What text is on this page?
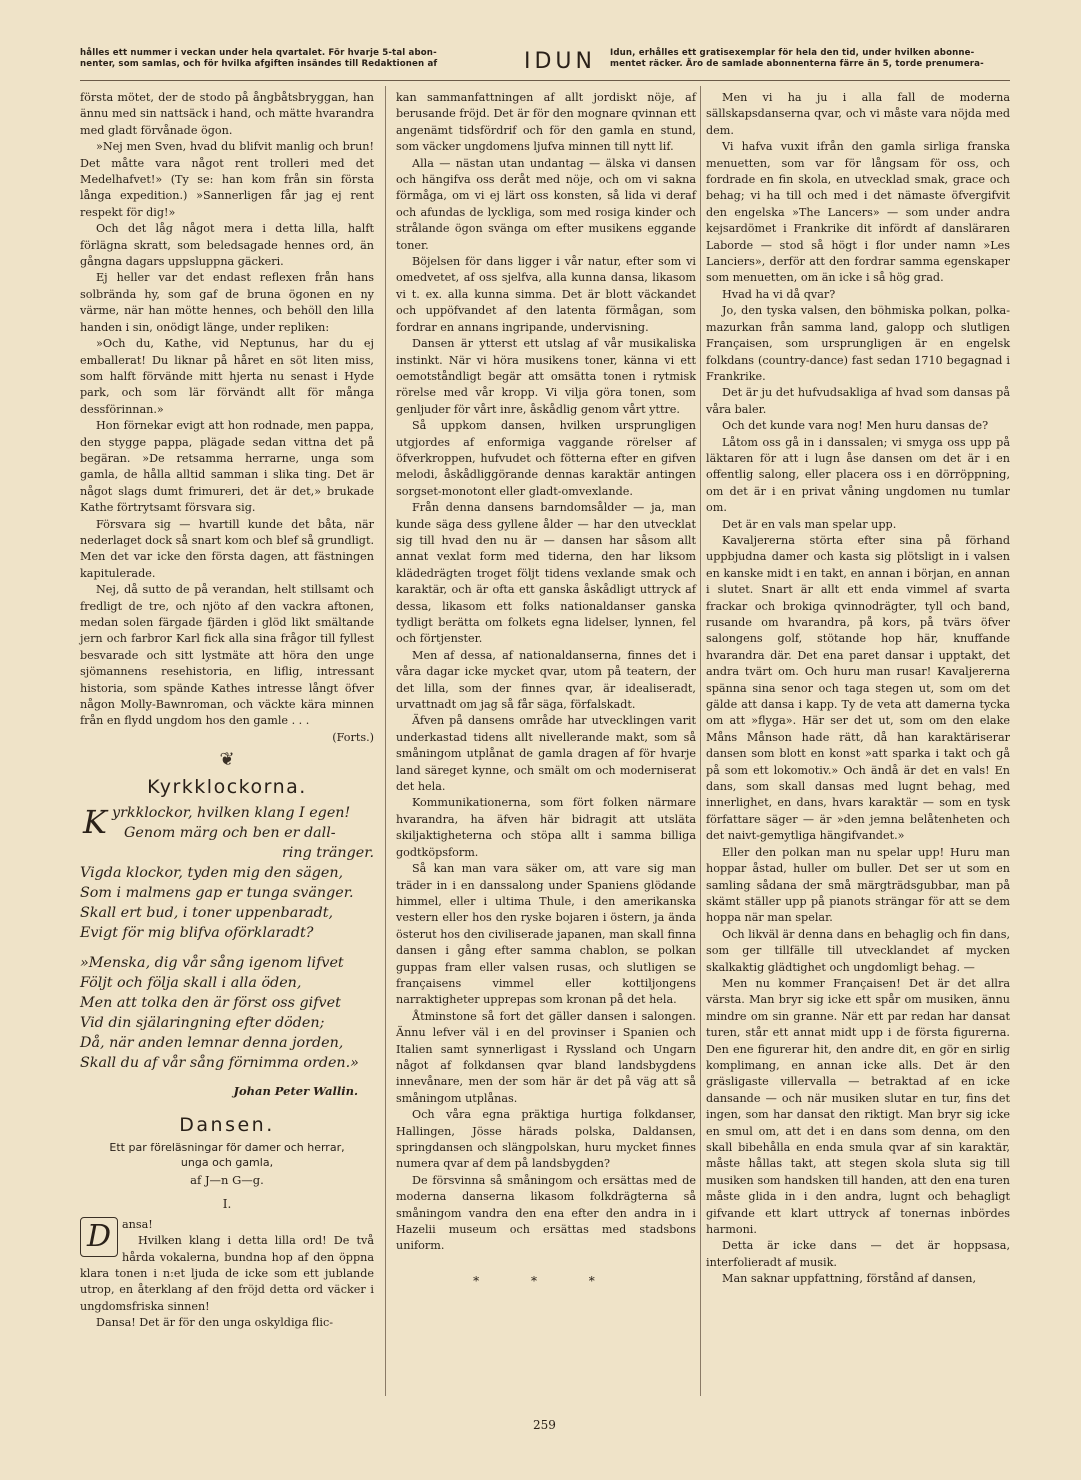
hålles ett nummer i veckan under hela qvartalet. För hvarje 5-tal abon-
nenter, som samlas, och för hvilka afgiften insändes till Redaktionen af	IDUN	Idun, erhålles ett gratisexemplar för hela den tid, under hvilken abonne-
mentet räcker. Äro de samlade abonnenterna färre än 5, torde prenumera-

första mötet, der de stodo på ångbåtsbryggan, han ännu med sin nattsäck i hand, och mätte hvarandra med gladt förvånade ögon.

»Nej men Sven, hvad du blifvit manlig och brun! Det måtte vara något rent trolleri med det Medelhafvet!» (Ty se: han kom från sin första långa expedition.) »Sannerligen får jag ej rent respekt för dig!»

Och det låg något mera i detta lilla, halft förlägna skratt, som beledsagade hennes ord, än gångna dagars uppsluppna gäckeri.

Ej heller var det endast reflexen från hans solbrända hy, som gaf de bruna ögonen en ny värme, när han mötte hennes, och behöll den lilla handen i sin, onödigt länge, under repliken:

»Och du, Kathe, vid Neptunus, har du ej emballerat! Du liknar på håret en söt liten miss, som halft förvände mitt hjerta nu senast i Hyde park, och som lär förvändt allt för många dessförinnan.»

Hon förnekar evigt att hon rodnade, men pappa, den stygge pappa, plägade sedan vittna det på begäran. »De retsamma herrarne, unga som gamla, de hålla alltid samman i slika ting. Det är något slags dumt frimureri, det är det,» brukade Kathe förtrytsamt försvara sig.

Försvara sig — hvartill kunde det båta, när nederlaget dock så snart kom och blef så grundligt. Men det var icke den första dagen, att fästningen kapitulerade.

Nej, då sutto de på verandan, helt stillsamt och fredligt de tre, och njöto af den vackra aftonen, medan solen färgade fjärden i glöd likt smältande jern och farbror Karl fick alla sina frågor till fyllest besvarade och sitt lystmäte att höra den unge sjömannens resehistoria, en liflig, intressant historia, som spände Kathes intresse långt öfver någon Molly-Bawnroman, och väckte kära minnen från en flydd ungdom hos den gamle . . .

(Forts.)

❦
Kyrkklockorna.
K yrkklockor, hvilken klang I egen!

Genom märg och ben er dall-

ring tränger.

Vigda klockor, tyden mig den sägen,

Som i malmens gap er tunga svänger.

Skall ert bud, i toner uppenbaradt,

Evigt för mig blifva oförklaradt?

»Menska, dig vår sång igenom lifvet

Följt och följa skall i alla öden,

Men att tolka den är först oss gifvet

Vid din själaringning efter döden;

Då, när anden lemnar denna jorden,

Skall du af vår sång förnimma orden.»

Johan Peter Wallin.
Dansen.
Ett par föreläsningar för damer och herrar,
unga och gamla,
af J—n G—g.
I.
D ansa!

Hvilken klang i detta lilla ord! De två hårda vokalerna, bundna hop af den öppna klara tonen i n:et ljuda de icke som ett jublande utrop, en återklang af den fröjd detta ord väcker i ungdomsfriska sinnen!

Dansa! Det är för den unga oskyldiga flic-

kan sammanfattningen af allt jordiskt nöje, af berusande fröjd. Det är för den mognare qvinnan ett angenämt tidsfördrif och för den gamla en stund, som väcker ungdomens ljufva minnen till nytt lif.

Alla — nästan utan undantag — älska vi dansen och hängifva oss deråt med nöje, och om vi sakna förmåga, om vi ej lärt oss konsten, så lida vi deraf och afundas de lyckliga, som med rosiga kinder och strålande ögon svänga om efter musikens eggande toner.

Böjelsen för dans ligger i vår natur, efter som vi omedvetet, af oss sjelfva, alla kunna dansa, likasom vi t. ex. alla kunna simma. Det är blott väckandet och uppöfvandet af den latenta förmågan, som fordrar en annans ingripande, undervisning.

Dansen är ytterst ett utslag af vår musikaliska instinkt. När vi höra musikens toner, känna vi ett oemotståndligt begär att omsätta tonen i rytmisk rörelse med vår kropp. Vi vilja göra tonen, som genljuder för vårt inre, åskådlig genom vårt yttre.

Så uppkom dansen, hvilken ursprungligen utgjordes af enformiga vaggande rörelser af öfverkroppen, hufvudet och fötterna efter en gifven melodi, åskådliggörande dennas karaktär antingen sorgset-monotont eller gladt-omvexlande.

Från denna dansens barndomsålder — ja, man kunde säga dess gyllene ålder — har den utvecklat sig till hvad den nu är — dansen har såsom allt annat vexlat form med tiderna, den har liksom klädedrägten troget följt tidens vexlande smak och karaktär, och är ofta ett ganska åskådligt uttryck af dessa, likasom ett folks nationaldanser ganska tydligt berätta om folkets egna lidelser, lynnen, fel och förtjenster.

Men af dessa, af nationaldanserna, finnes det i våra dagar icke mycket qvar, utom på teatern, der det lilla, som der finnes qvar, är idealiseradt, urvattnadt om jag så får säga, förfalskadt.

Äfven på dansens område har utvecklingen varit underkastad tidens allt nivellerande makt, som så småningom utplånat de gamla dragen af för hvarje land säreget kynne, och smält om och moderniserat det hela.

Kommunikationerna, som fört folken närmare hvarandra, ha äfven här bidragit att utsläta skiljaktigheterna och stöpa allt i samma billiga godtköpsform.

Så kan man vara säker om, att vare sig man träder in i en danssalong under Spaniens glödande himmel, eller i ultima Thule, i den amerikanska vestern eller hos den ryske bojaren i östern, ja ända österut hos den civiliserade japanen, man skall finna dansen i gång efter samma chablon, se polkan guppas fram eller valsen rusas, och slutligen se françaisens vimmel eller kottiljongens narraktigheter upprepas som kronan på det hela.

Åtminstone så fort det gäller dansen i salongen. Ännu lefver väl i en del provinser i Spanien och Italien samt synnerligast i Ryssland och Ungarn något af folkdansen qvar bland landsbygdens innevånare, men der som här är det på väg att så småningom utplånas.

Och våra egna präktiga hurtiga folkdanser, Hallingen, Jösse härads polska, Daldansen, springdansen och slängpolskan, huru mycket finnes numera qvar af dem på landsbygden?

De försvinna så småningom och ersättas med de moderna danserna likasom folkdrägterna så småningom vandra den ena efter den andra in i Hazelii museum och ersättas med stadsbons uniform.

* * *

Men vi ha ju i alla fall de moderna sällskapsdanserna qvar, och vi måste vara nöjda med dem.

Vi hafva vuxit ifrån den gamla sirliga franska menuetten, som var för långsam för oss, och fordrade en fin skola, en utvecklad smak, grace och behag; vi ha till och med i det nämaste öfvergifvit den engelska »The Lancers» — som under andra kejsardömet i Frankrike dit infördt af dansläraren Laborde — stod så högt i flor under namn »Les Lanciers», derför att den fordrar samma egenskaper som menuetten, om än icke i så hög grad.

Hvad ha vi då qvar?

Jo, den tyska valsen, den böhmiska polkan, polka-mazurkan från samma land, galopp och slutligen Françaisen, som ursprungligen är en engelsk folkdans (country-dance) fast sedan 1710 begagnad i Frankrike.

Det är ju det hufvudsakliga af hvad som dansas på våra baler.

Och det kunde vara nog! Men huru dansas de?

Låtom oss gå in i danssalen; vi smyga oss upp på läktaren för att i lugn åse dansen om det är i en offentlig salong, eller placera oss i en dörröppning, om det är i en privat våning ungdomen nu tumlar om.

Det är en vals man spelar upp.

Kavaljererna störta efter sina på förhand uppbjudna damer och kasta sig plötsligt in i valsen en kanske midt i en takt, en annan i början, en annan i slutet. Snart är allt ett enda vimmel af svarta frackar och brokiga qvinnodrägter, tyll och band, rusande om hvarandra, på kors, på tvärs öfver salongens golf, stötande hop här, knuffande hvarandra där. Det ena paret dansar i upptakt, det andra tvärt om. Och huru man rusar! Kavaljererna spänna sina senor och taga stegen ut, som om det gälde att dansa i kapp. Ty de veta att damerna tycka om att »flyga». Här ser det ut, som om den elake Måns Månson hade rätt, då han karaktäriserar dansen som blott en konst »att sparka i takt och gå på som ett lokomotiv.» Och ändå är det en vals! En dans, som skall dansas med lugnt behag, med innerlighet, en dans, hvars karaktär — som en tysk författare säger — är »den jemna belåtenheten och det naivt-gemytliga hängifvandet.»

Eller den polkan man nu spelar upp! Huru man hoppar åstad, huller om buller. Det ser ut som en samling sådana der små märgträdsgubbar, man på skämt ställer upp på pianots strängar för att se dem hoppa när man spelar.

Och likväl är denna dans en behaglig och fin dans, som ger tillfälle till utvecklandet af mycken skalkaktig glädtighet och ungdomligt behag. —

Men nu kommer Françaisen! Det är det allra värsta. Man bryr sig icke ett spår om musiken, ännu mindre om sin granne. När ett par redan har dansat turen, står ett annat midt upp i de första figurerna. Den ene figurerar hit, den andre dit, en gör en sirlig komplimang, en annan icke alls. Det är den gräsligaste villervalla — betraktad af en icke dansande — och när musiken slutar en tur, fins det ingen, som har dansat den riktigt. Man bryr sig icke en smul om, att det i en dans som denna, om den skall bibehålla en enda smula qvar af sin karaktär, måste hållas takt, att stegen skola sluta sig till musiken som handsken till handen, att den ena turen måste glida in i den andra, lugnt och behagligt gifvande ett klart uttryck af tonernas inbördes harmoni.

Detta är icke dans — det är hoppsasa, interfolieradt af musik.

Man saknar uppfattning, förstånd af dansen,

259
